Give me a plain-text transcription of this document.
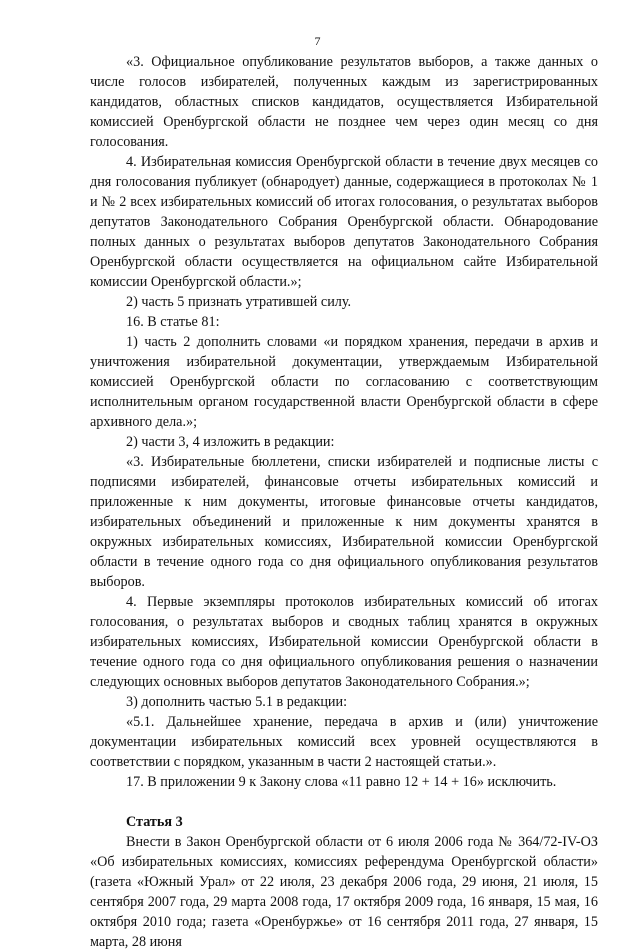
7

«3. Официальное опубликование результатов выборов, а также данных о числе голосов избирателей, полученных каждым из зарегистрированных кандидатов, областных списков кандидатов, осуществляется Избирательной комиссией Оренбургской области не позднее чем через один месяц со дня голосования.

4. Избирательная комиссия Оренбургской области в течение двух месяцев со дня голосования публикует (обнародует) данные, содержащиеся в протоколах № 1 и № 2 всех избирательных комиссий об итогах голосования, о результатах выборов депутатов Законодательного Собрания Оренбургской области. Обнародование полных данных о результатах выборов депутатов Законодательного Собрания Оренбургской области осуществляется на официальном сайте Избирательной комиссии Оренбургской области.»;

2) часть 5 признать утратившей силу.

16. В статье 81:

1) часть 2 дополнить словами «и порядком хранения, передачи в архив и уничтожения избирательной документации, утверждаемым Избирательной комиссией Оренбургской области по согласованию с соответствующим исполнительным органом государственной власти Оренбургской области в сфере архивного дела.»;

2) части 3, 4 изложить в редакции:

«3. Избирательные бюллетени, списки избирателей и подписные листы с подписями избирателей, финансовые отчеты избирательных комиссий и приложенные к ним документы, итоговые финансовые отчеты кандидатов, избирательных объединений и приложенные к ним документы хранятся в окружных избирательных комиссиях, Избирательной комиссии Оренбургской области в течение одного года со дня официального опубликования результатов выборов.

4. Первые экземпляры протоколов избирательных комиссий об итогах голосования, о результатах выборов и сводных таблиц хранятся в окружных избирательных комиссиях, Избирательной комиссии Оренбургской области в течение одного года со дня официального опубликования решения о назначении следующих основных выборов депутатов Законодательного Собрания.»;

3) дополнить частью 5.1 в редакции:

«5.1. Дальнейшее хранение, передача в архив и (или) уничтожение документации избирательных комиссий всех уровней осуществляются в соответствии с порядком, указанным в части 2 настоящей статьи.».

17. В приложении 9 к Закону слова «11 равно 12 + 14 + 16» исключить.

Статья 3

Внести в Закон Оренбургской области от 6 июля 2006 года № 364/72-IV-ОЗ «Об избирательных комиссиях, комиссиях референдума Оренбургской области» (газета «Южный Урал» от 22 июля, 23 декабря 2006 года, 29 июня, 21 июля, 15 сентября 2007 года, 29 марта 2008 года, 17 октября 2009 года, 16 января, 15 мая, 16 октября 2010 года; газета «Оренбуржье» от 16 сентября 2011 года, 27 января, 15 марта, 28 июня
